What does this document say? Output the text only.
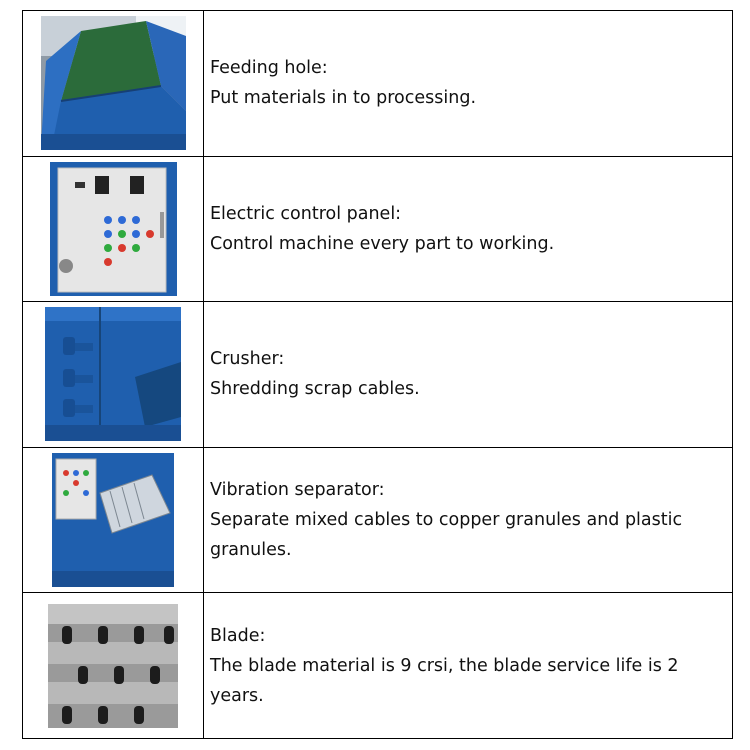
Feeding hole:
Put materials in to processing.

Electric control panel:
Control machine every part to working.

Crusher:
Shredding scrap cables.

Vibration separator:
Separate mixed cables to copper granules and plastic granules.

Blade:
The blade material is 9 crsi, the blade service life is 2 years.
